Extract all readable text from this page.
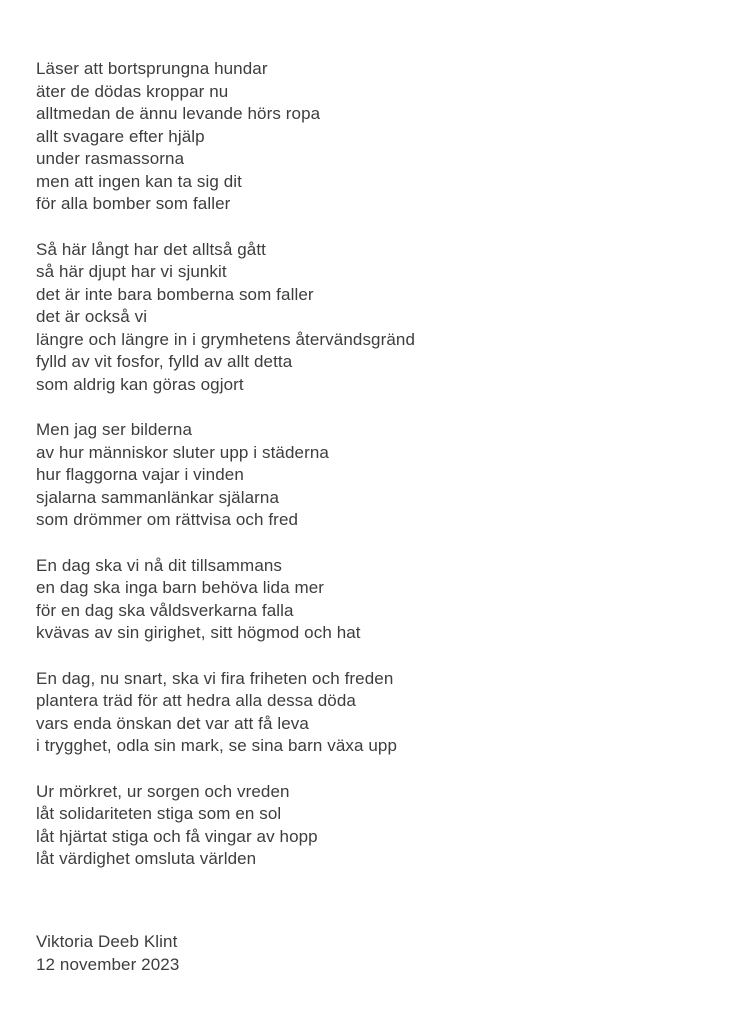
Läser att bortsprungna hundar
äter de dödas kroppar nu
alltmedan de ännu levande hörs ropa
allt svagare efter hjälp
under rasmassorna
men att ingen kan ta sig dit
för alla bomber som faller
Så här långt har det alltså gått
så här djupt har vi sjunkit
det är inte bara bomberna som faller
det är också vi
längre och längre in i grymhetens återvändsgränd
fylld av vit fosfor, fylld av allt detta
som aldrig kan göras ogjort
Men jag ser bilderna
av hur människor sluter upp i städerna
hur flaggorna vajar i vinden
sjalarna sammanlänkar själarna
som drömmer om rättvisa och fred
En dag ska vi nå dit tillsammans
en dag ska inga barn behöva lida mer
för en dag ska våldsverkarna falla
kvävas av sin girighet, sitt högmod och hat
En dag, nu snart, ska vi fira friheten och freden
plantera träd för att hedra alla dessa döda
vars enda önskan det var att få leva
i trygghet, odla sin mark, se sina barn växa upp
Ur mörkret, ur sorgen och vreden
låt solidariteten stiga som en sol
låt hjärtat stiga och få vingar av hopp
låt värdighet omsluta världen
Viktoria Deeb Klint
12 november 2023
